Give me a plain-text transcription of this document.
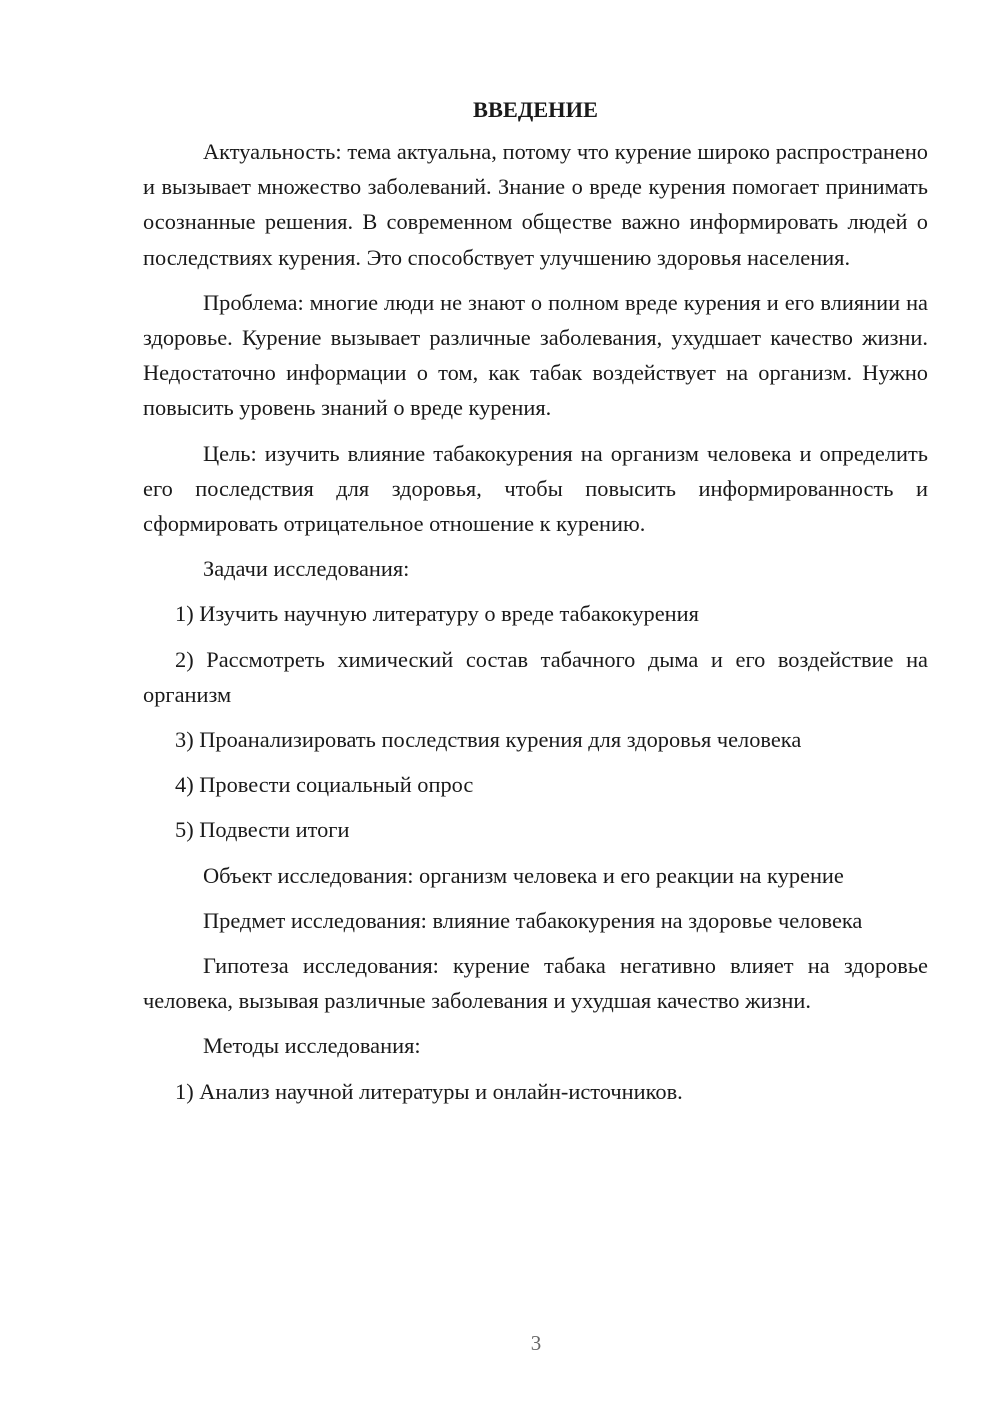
ВВЕДЕНИЕ

Актуальность: тема актуальна, потому что курение широко распространено и вызывает множество заболеваний. Знание о вреде курения помогает принимать осознанные решения. В современном обществе важно информировать людей о последствиях курения. Это способствует улучшению здоровья населения.

Проблема: многие люди не знают о полном вреде курения и его влиянии на здоровье. Курение вызывает различные заболевания, ухудшает качество жизни. Недостаточно информации о том, как табак воздействует на организм. Нужно повысить уровень знаний о вреде курения.

Цель: изучить влияние табакокурения на организм человека и определить его последствия для здоровья, чтобы повысить информированность и сформировать отрицательное отношение к курению.

Задачи исследования:

1) Изучить научную литературу о вреде табакокурения

2) Рассмотреть химический состав табачного дыма и его воздействие на организм

3) Проанализировать последствия курения для здоровья человека

4) Провести социальный опрос

5) Подвести итоги

Объект исследования: организм человека и его реакции на курение

Предмет исследования: влияние табакокурения на здоровье человека

Гипотеза исследования: курение табака негативно влияет на здоровье человека, вызывая различные заболевания и ухудшая качество жизни.

Методы исследования:

1) Анализ научной литературы и онлайн-источников.

3
